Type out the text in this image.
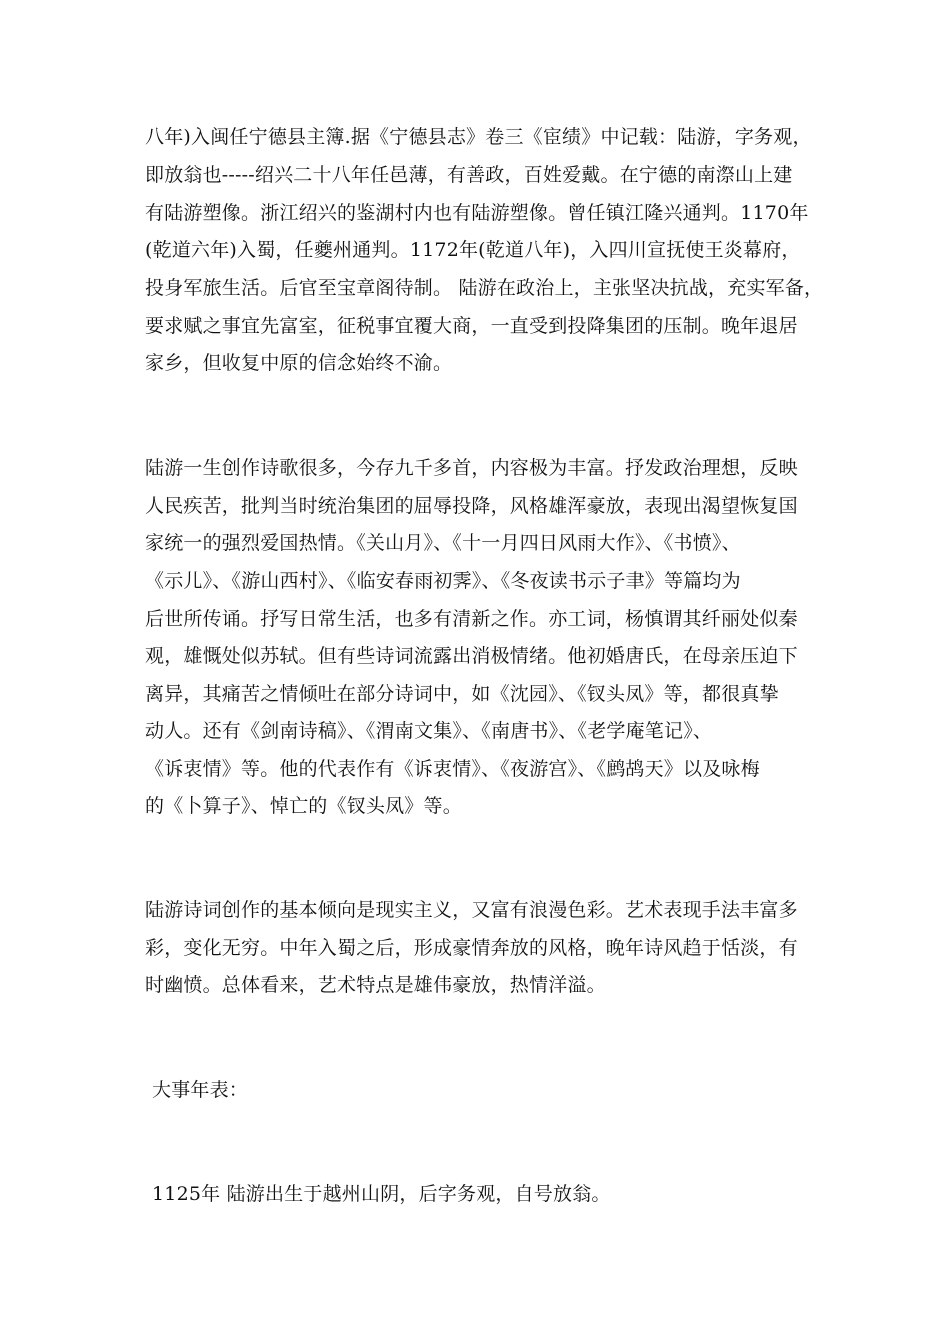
八年)入闽任宁德县主簿.据《宁德县志》卷三《宦绩》中记载：陆游，字务观，
即放翁也-----绍兴二十八年任邑薄，有善政，百姓爱戴。在宁德的南漈山上建
有陆游塑像。浙江绍兴的鉴湖村内也有陆游塑像。曾任镇江隆兴通判。1170年
(乾道六年)入蜀，任夔州通判。1172年(乾道八年)，入四川宣抚使王炎幕府，
投身军旅生活。后官至宝章阁待制。 陆游在政治上，主张坚决抗战，充实军备，
要求赋之事宜先富室，征税事宜覆大商，一直受到投降集团的压制。晚年退居
家乡，但收复中原的信念始终不渝。
陆游一生创作诗歌很多，今存九千多首，内容极为丰富。抒发政治理想，反映
人民疾苦，批判当时统治集团的屈辱投降，风格雄浑豪放，表现出渴望恢复国
家统一的强烈爱国热情。《关山月》、《十一月四日风雨大作》、《书愤》、
《示儿》、《游山西村》、《临安春雨初霁》、《冬夜读书示子聿》等篇均为
后世所传诵。抒写日常生活，也多有清新之作。亦工词，杨慎谓其纤丽处似秦
观，雄慨处似苏轼。但有些诗词流露出消极情绪。他初婚唐氏，在母亲压迫下
离异，其痛苦之情倾吐在部分诗词中，如《沈园》、《钗头凤》等，都很真挚
动人。还有《剑南诗稿》、《渭南文集》、《南唐书》、《老学庵笔记》、
《诉衷情》等。他的代表作有《诉衷情》、《夜游宫》、《鹧鸪天》以及咏梅
的《卜算子》、悼亡的《钗头凤》等。
陆游诗词创作的基本倾向是现实主义，又富有浪漫色彩。艺术表现手法丰富多
彩，变化无穷。中年入蜀之后，形成豪情奔放的风格，晚年诗风趋于恬淡，有
时幽愤。总体看来，艺术特点是雄伟豪放，热情洋溢。
大事年表：
1125年 陆游出生于越州山阴，后字务观，自号放翁。
